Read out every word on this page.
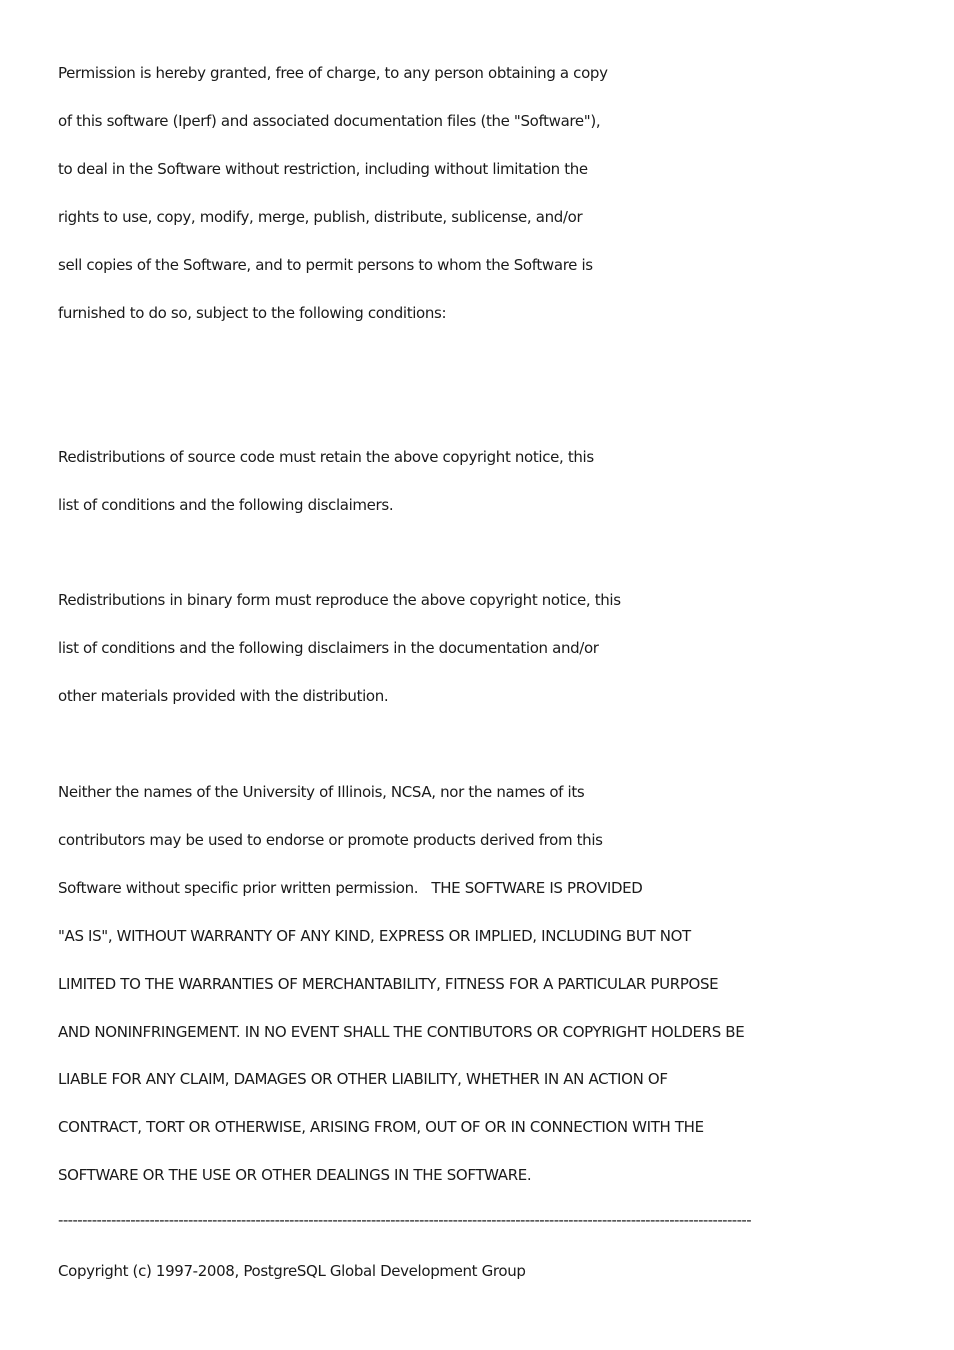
Permission is hereby granted, free of charge, to any person obtaining a copy
of this software (Iperf) and associated documentation files (the "Software"),
to deal in the Software without restriction, including without limitation the
rights to use, copy, modify, merge, publish, distribute, sublicense, and/or
sell copies of the Software, and to permit persons to whom the Software is
furnished to do so, subject to the following conditions:
Redistributions of source code must retain the above copyright notice, this
list of conditions and the following disclaimers.
Redistributions in binary form must reproduce the above copyright notice, this
list of conditions and the following disclaimers in the documentation and/or
other materials provided with the distribution.
Neither the names of the University of Illinois, NCSA, nor the names of its
contributors may be used to endorse or promote products derived from this
Software without specific prior written permission.   THE SOFTWARE IS PROVIDED
"AS IS", WITHOUT WARRANTY OF ANY KIND, EXPRESS OR IMPLIED, INCLUDING BUT NOT
LIMITED TO THE WARRANTIES OF MERCHANTABILITY, FITNESS FOR A PARTICULAR PURPOSE
AND NONINFRINGEMENT. IN NO EVENT SHALL THE CONTIBUTORS OR COPYRIGHT HOLDERS BE
LIABLE FOR ANY CLAIM, DAMAGES OR OTHER LIABILITY, WHETHER IN AN ACTION OF
CONTRACT, TORT OR OTHERWISE, ARISING FROM, OUT OF OR IN CONNECTION WITH THE
SOFTWARE OR THE USE OR OTHER DEALINGS IN THE SOFTWARE.
------------------------------------------------------------------------------------------------------------------------------------------------
Copyright (c) 1997-2008, PostgreSQL Global Development Group
